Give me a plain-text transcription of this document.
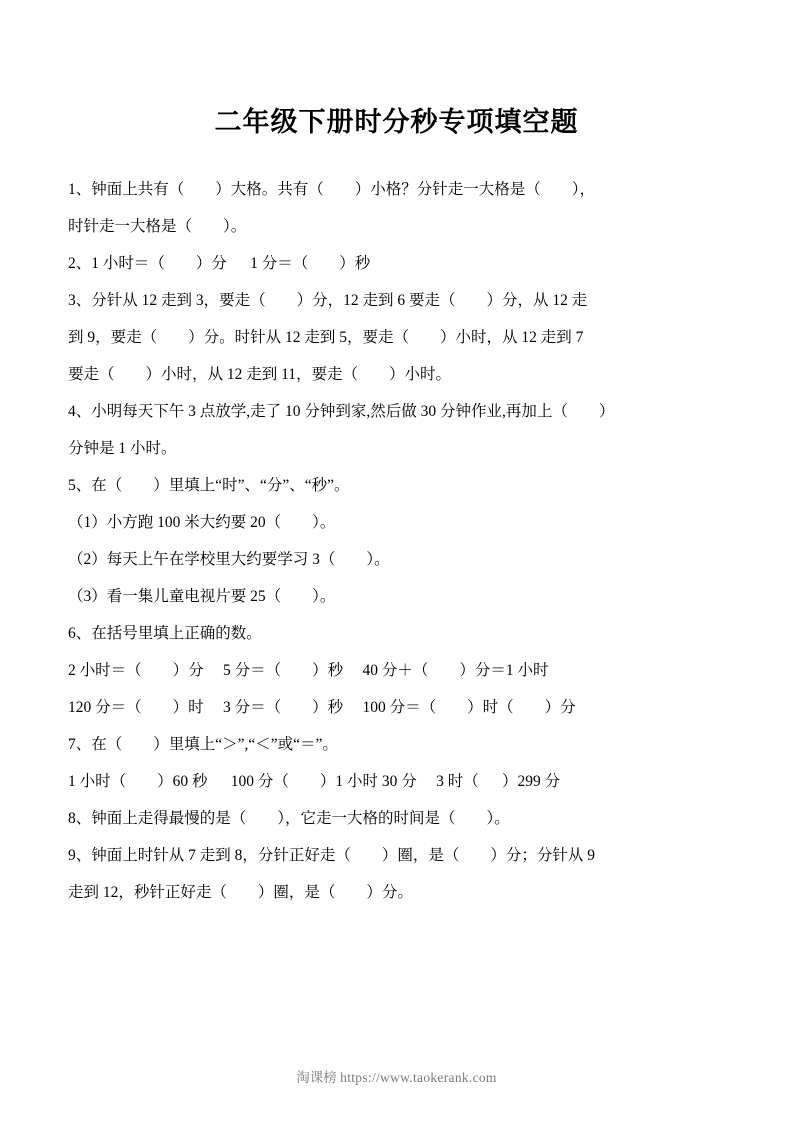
二年级下册时分秒专项填空题
1、钟面上共有（        ）大格。共有（        ）小格？分针走一大格是（        ），
时针走一大格是（        ）。
2、1 小时＝（        ）分      1 分＝（        ）秒
3、分针从 12 走到 3，要走（        ）分，12 走到 6 要走（        ）分，从 12 走
到 9，要走（        ）分。时针从 12 走到 5，要走（        ）小时，从 12 走到 7
要走（        ）小时，从 12 走到 11，要走（        ）小时。
4、小明每天下午 3 点放学,走了 10 分钟到家,然后做 30 分钟作业,再加上（        ）
分钟是 1 小时。
5、在（        ）里填上“时”、“分”、“秒”。
（1）小方跑 100 米大约要 20（        ）。
（2）每天上午在学校里大约要学习 3（        ）。
（3）看一集儿童电视片要 25（        ）。
6、在括号里填上正确的数。
2 小时＝（        ）分     5 分＝（        ）秒     40 分＋（        ）分＝1 小时
120 分＝（        ）时     3 分＝（        ）秒     100 分＝（        ）时（        ）分
7、在（        ）里填上“＞”,“＜”或“＝”。
1 小时（        ）60 秒      100 分（        ）1 小时 30 分     3 时（      ）299 分
8、钟面上走得最慢的是（        ），它走一大格的时间是（        ）。
9、钟面上时针从 7 走到 8，分针正好走（        ）圈，是（        ）分；分针从 9
走到 12，秒针正好走（        ）圈，是（        ）分。
淘课榜 https://www.taokerank.com
